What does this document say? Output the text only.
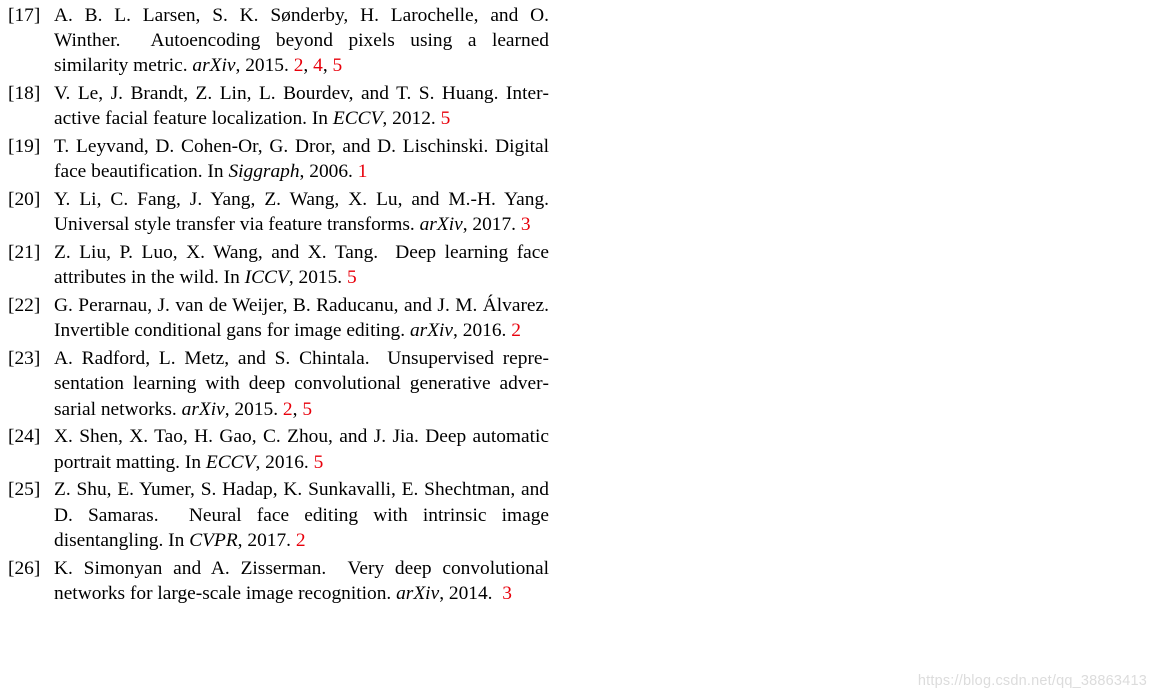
[17] A. B. L. Larsen, S. K. Sønderby, H. Larochelle, and O. Winther. Autoencoding beyond pixels using a learned similarity metric. arXiv, 2015. 2, 4, 5
[18] V. Le, J. Brandt, Z. Lin, L. Bourdev, and T. S. Huang. Interactive facial feature localization. In ECCV, 2012. 5
[19] T. Leyvand, D. Cohen-Or, G. Dror, and D. Lischinski. Digital face beautification. In Siggraph, 2006. 1
[20] Y. Li, C. Fang, J. Yang, Z. Wang, X. Lu, and M.-H. Yang. Universal style transfer via feature transforms. arXiv, 2017. 3
[21] Z. Liu, P. Luo, X. Wang, and X. Tang. Deep learning face attributes in the wild. In ICCV, 2015. 5
[22] G. Perarnau, J. van de Weijer, B. Raducanu, and J. M. Álvarez. Invertible conditional gans for image editing. arXiv, 2016. 2
[23] A. Radford, L. Metz, and S. Chintala. Unsupervised representation learning with deep convolutional generative adversarial networks. arXiv, 2015. 2, 5
[24] X. Shen, X. Tao, H. Gao, C. Zhou, and J. Jia. Deep automatic portrait matting. In ECCV, 2016. 5
[25] Z. Shu, E. Yumer, S. Hadap, K. Sunkavalli, E. Shechtman, and D. Samaras. Neural face editing with intrinsic image disentangling. In CVPR, 2017. 2
[26] K. Simonyan and A. Zisserman. Very deep convolutional networks for large-scale image recognition. arXiv, 2014. 3
https://blog.csdn.net/qq_38863413
